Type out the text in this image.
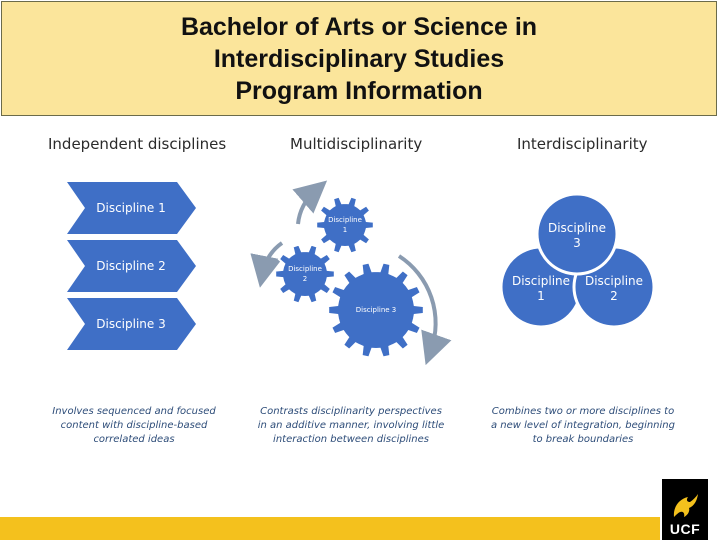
Bachelor of Arts or Science in
Interdisciplinary Studies
Program Information
Independent disciplines	Multidisciplinarity	Interdisciplinarity
Discipline 1
Discipline 2
Discipline 3
Discipline
1
Discipline
2
Discipline 3
Discipline
3
Discipline
1
Discipline
2
Involves sequenced and focused
content with discipline-based
correlated ideas
Contrasts disciplinarity perspectives
in an additive manner, involving little
interaction between disciplines
Combines two or more disciplines to
a new level of integration, beginning
to break boundaries
UCF
